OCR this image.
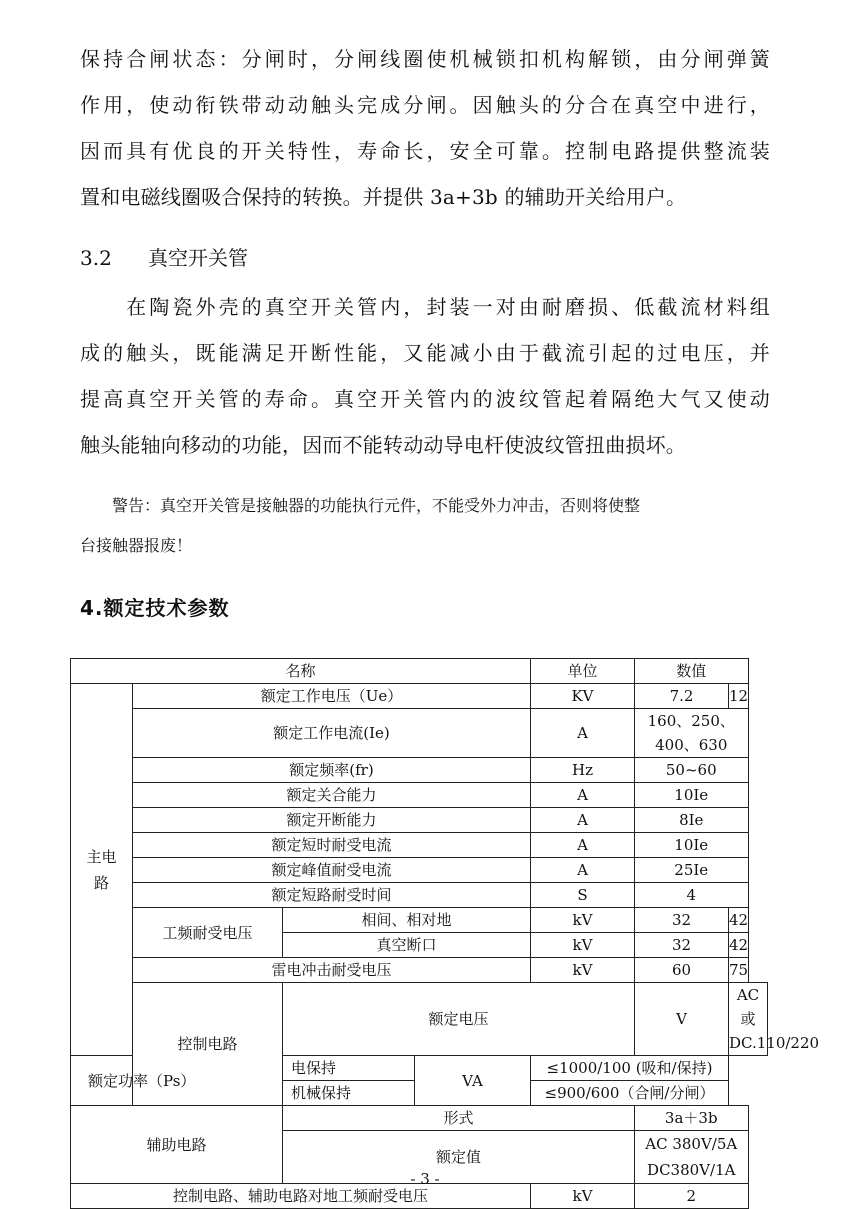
保持合闸状态：分闸时，分闸线圈使机械锁扣机构解锁，由分闸弹簧
作用，使动衔铁带动动触头完成分闸。因触头的分合在真空中进行，
因而具有优良的开关特性，寿命长，安全可靠。控制电路提供整流装
置和电磁线圈吸合保持的转换。并提供 3a+3b 的辅助开关给用户。
3.2 真空开关管
　　在陶瓷外壳的真空开关管内，封装一对由耐磨损、低截流材料组
成的触头，既能满足开断性能，又能减小由于截流引起的过电压，并
提高真空开关管的寿命。真空开关管内的波纹管起着隔绝大气又使动
触头能轴向移动的功能，因而不能转动动导电杆使波纹管扭曲损坏。
　　警告：真空开关管是接触器的功能执行元件，不能受外力冲击，否则将使整
台接触器报废！
4.额定技术参数
名称				单位	数值	
主电路	额定工作电压（Ue）			KV	7.2	12
	额定工作电流(Ie)			A	160、250、400、630	
	额定频率(fr)			Hz	50~60	
	额定关合能力			A	10Ie	
	额定开断能力			A	8Ie	
	额定短时耐受电流			A	10Ie	
	额定峰值耐受电流			A	25Ie	
	额定短路耐受时间			S	4	
	工频耐受电压	相间、相对地		kV	32	42
		真空断口		kV	32	42
	雷电冲击耐受电压			kV	60	75
	控制电路	额定电压			V	AC 或 DC.110/220
额定功率（Ps）		电保持	VA	≤1000/100 (吸和/保持)		
		机械保持		≤900/600（合闸/分闸）		
辅助电路		形式			3a＋3b	
		额定值			AC 380V/5A
DC380V/1A	

控制电路、辅助电路对地工频耐受电压				kV	2	
- 3 -
